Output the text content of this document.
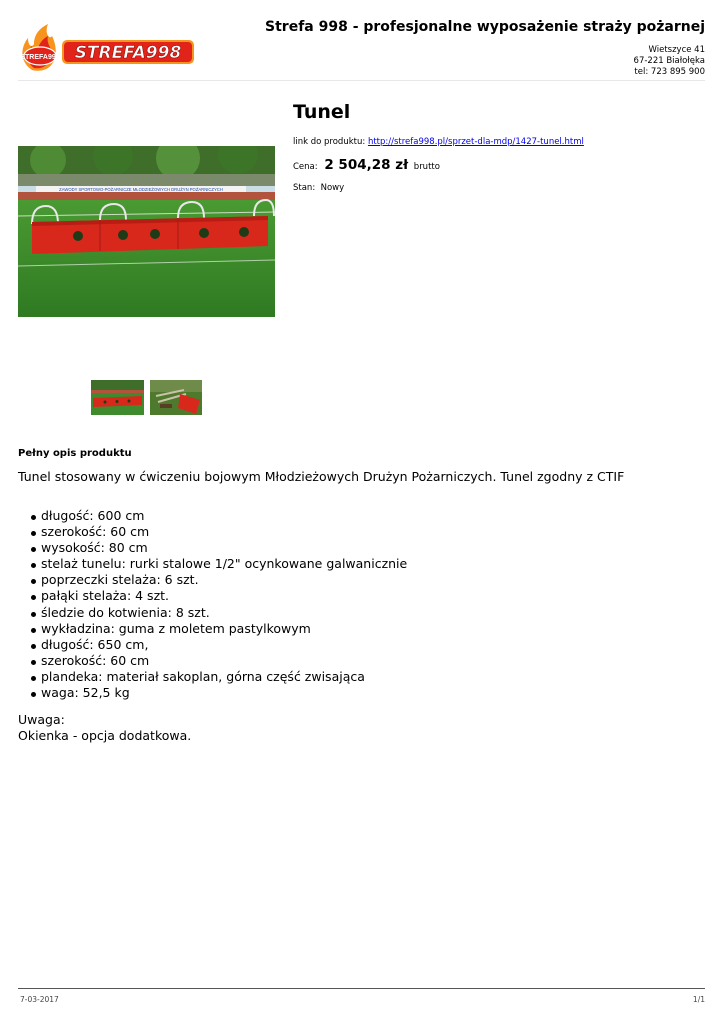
STREFA998 STREFA998
Strefa 998 - profesjonalne wyposażenie straży pożarnej
Wietszyce 41
67-221 Białołęka
tel: 723 895 900
Tunel
link do produktu: http://strefa998.pl/sprzet-dla-mdp/1427-tunel.html
Cena: 2 504,28 zł brutto
Stan: Nowy
ZAWODY SPORTOWO-POŻARNICZE MŁODZIEŻOWYCH DRUŻYN POŻARNICZYCH
Pełny opis produktu
Tunel stosowany w ćwiczeniu bojowym Młodzieżowych Drużyn Pożarniczych. Tunel zgodny z CTIF
długość: 600 cm
szerokość: 60 cm
wysokość: 80 cm
stelaż tunelu: rurki stalowe 1/2" ocynkowane galwanicznie
poprzeczki stelaża: 6 szt.
pałąki stelaża: 4 szt.
śledzie do kotwienia: 8 szt.
wykładzina: guma z moletem pastylkowym
długość: 650 cm,
szerokość: 60 cm
plandeka: materiał sakoplan, górna część zwisająca
waga: 52,5 kg
Uwaga:
Okienka - opcja dodatkowa.
7-03-2017	1/1
